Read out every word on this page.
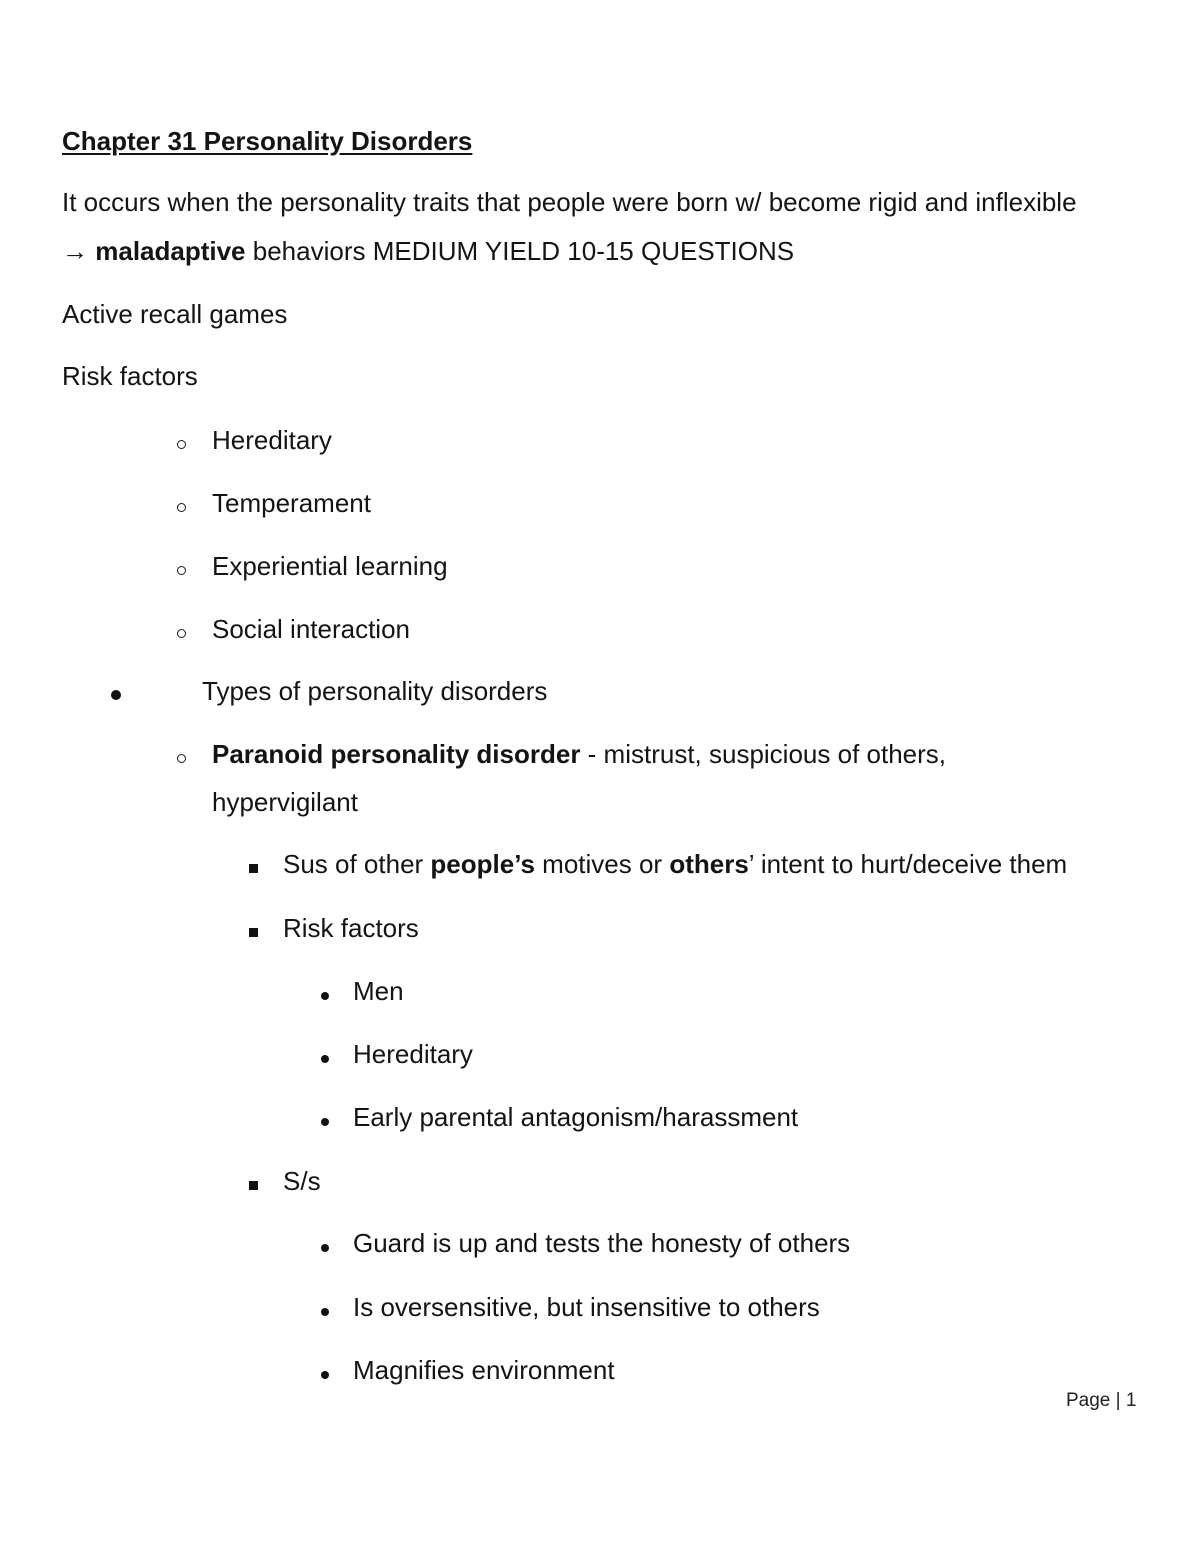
Chapter 31 Personality Disorders
It occurs when the personality traits that people were born w/ become rigid and inflexible
→ maladaptive behaviors MEDIUM YIELD 10-15 QUESTIONS
Active recall games
Risk factors
Hereditary
Temperament
Experiential learning
Social interaction
Types of personality disorders
Paranoid personality disorder - mistrust, suspicious of others,
hypervigilant
Sus of other people’s motives or others’ intent to hurt/deceive them
Risk factors
Men
Hereditary
Early parental antagonism/harassment
S/s
Guard is up and tests the honesty of others
Is oversensitive, but insensitive to others
Magnifies environment
Page | 1
